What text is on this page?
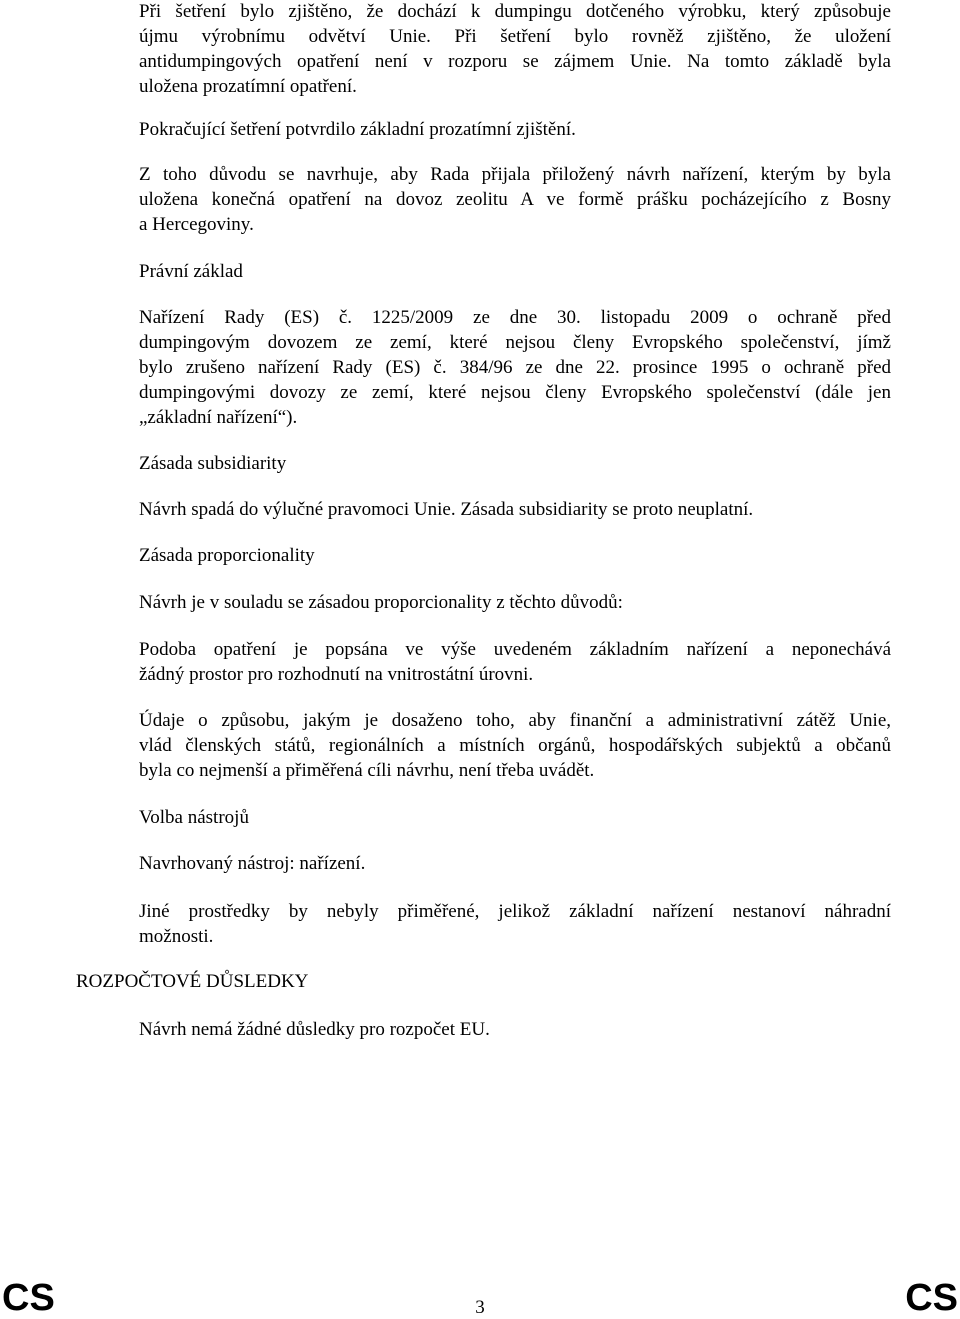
Při šetření bylo zjištěno, že dochází k dumpingu dotčeného výrobku, který způsobuje
újmu výrobnímu odvětví Unie. Při šetření bylo rovněž zjištěno, že uložení
antidumpingových opatření není v rozporu se zájmem Unie. Na tomto základě byla
uložena prozatímní opatření.
Pokračující šetření potvrdilo základní prozatímní zjištění.
Z toho důvodu se navrhuje, aby Rada přijala přiložený návrh nařízení, kterým by byla
uložena konečná opatření na dovoz zeolitu A ve formě prášku pocházejícího z Bosny
a Hercegoviny.
Právní základ
Nařízení Rady (ES) č. 1225/2009 ze dne 30. listopadu 2009 o ochraně před
dumpingovým dovozem ze zemí, které nejsou členy Evropského společenství, jímž
bylo zrušeno nařízení Rady (ES) č. 384/96 ze dne 22. prosince 1995 o ochraně před
dumpingovými dovozy ze zemí, které nejsou členy Evropského společenství (dále jen
„základní nařízení“).
Zásada subsidiarity
Návrh spadá do výlučné pravomoci Unie. Zásada subsidiarity se proto neuplatní.
Zásada proporcionality
Návrh je v souladu se zásadou proporcionality z těchto důvodů:
Podoba opatření je popsána ve výše uvedeném základním nařízení a neponechává
žádný prostor pro rozhodnutí na vnitrostátní úrovni.
Údaje o způsobu, jakým je dosaženo toho, aby finanční a administrativní zátěž Unie,
vlád členských států, regionálních a místních orgánů, hospodářských subjektů a občanů
byla co nejmenší a přiměřená cíli návrhu, není třeba uvádět.
Volba nástrojů
Navrhovaný nástroj: nařízení.
Jiné prostředky by nebyly přiměřené, jelikož základní nařízení nestanoví náhradní
možnosti.
ROZPOČTOVÉ DŮSLEDKY
Návrh nemá žádné důsledky pro rozpočet EU.
CS	3	CS
